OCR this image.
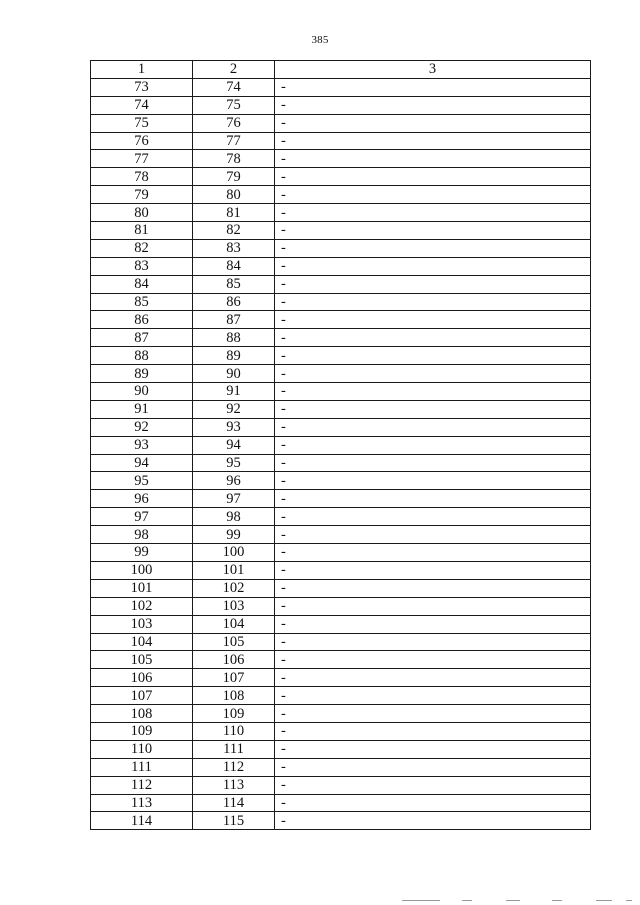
385
1	2	3
73	74	-
74	75	-
75	76	-
76	77	-
77	78	-
78	79	-
79	80	-
80	81	-
81	82	-
82	83	-
83	84	-
84	85	-
85	86	-
86	87	-
87	88	-
88	89	-
89	90	-
90	91	-
91	92	-
92	93	-
93	94	-
94	95	-
95	96	-
96	97	-
97	98	-
98	99	-
99	100	-
100	101	-
101	102	-
102	103	-
103	104	-
104	105	-
105	106	-
106	107	-
107	108	-
108	109	-
109	110	-
110	111	-
111	112	-
112	113	-
113	114	-
114	115	-
